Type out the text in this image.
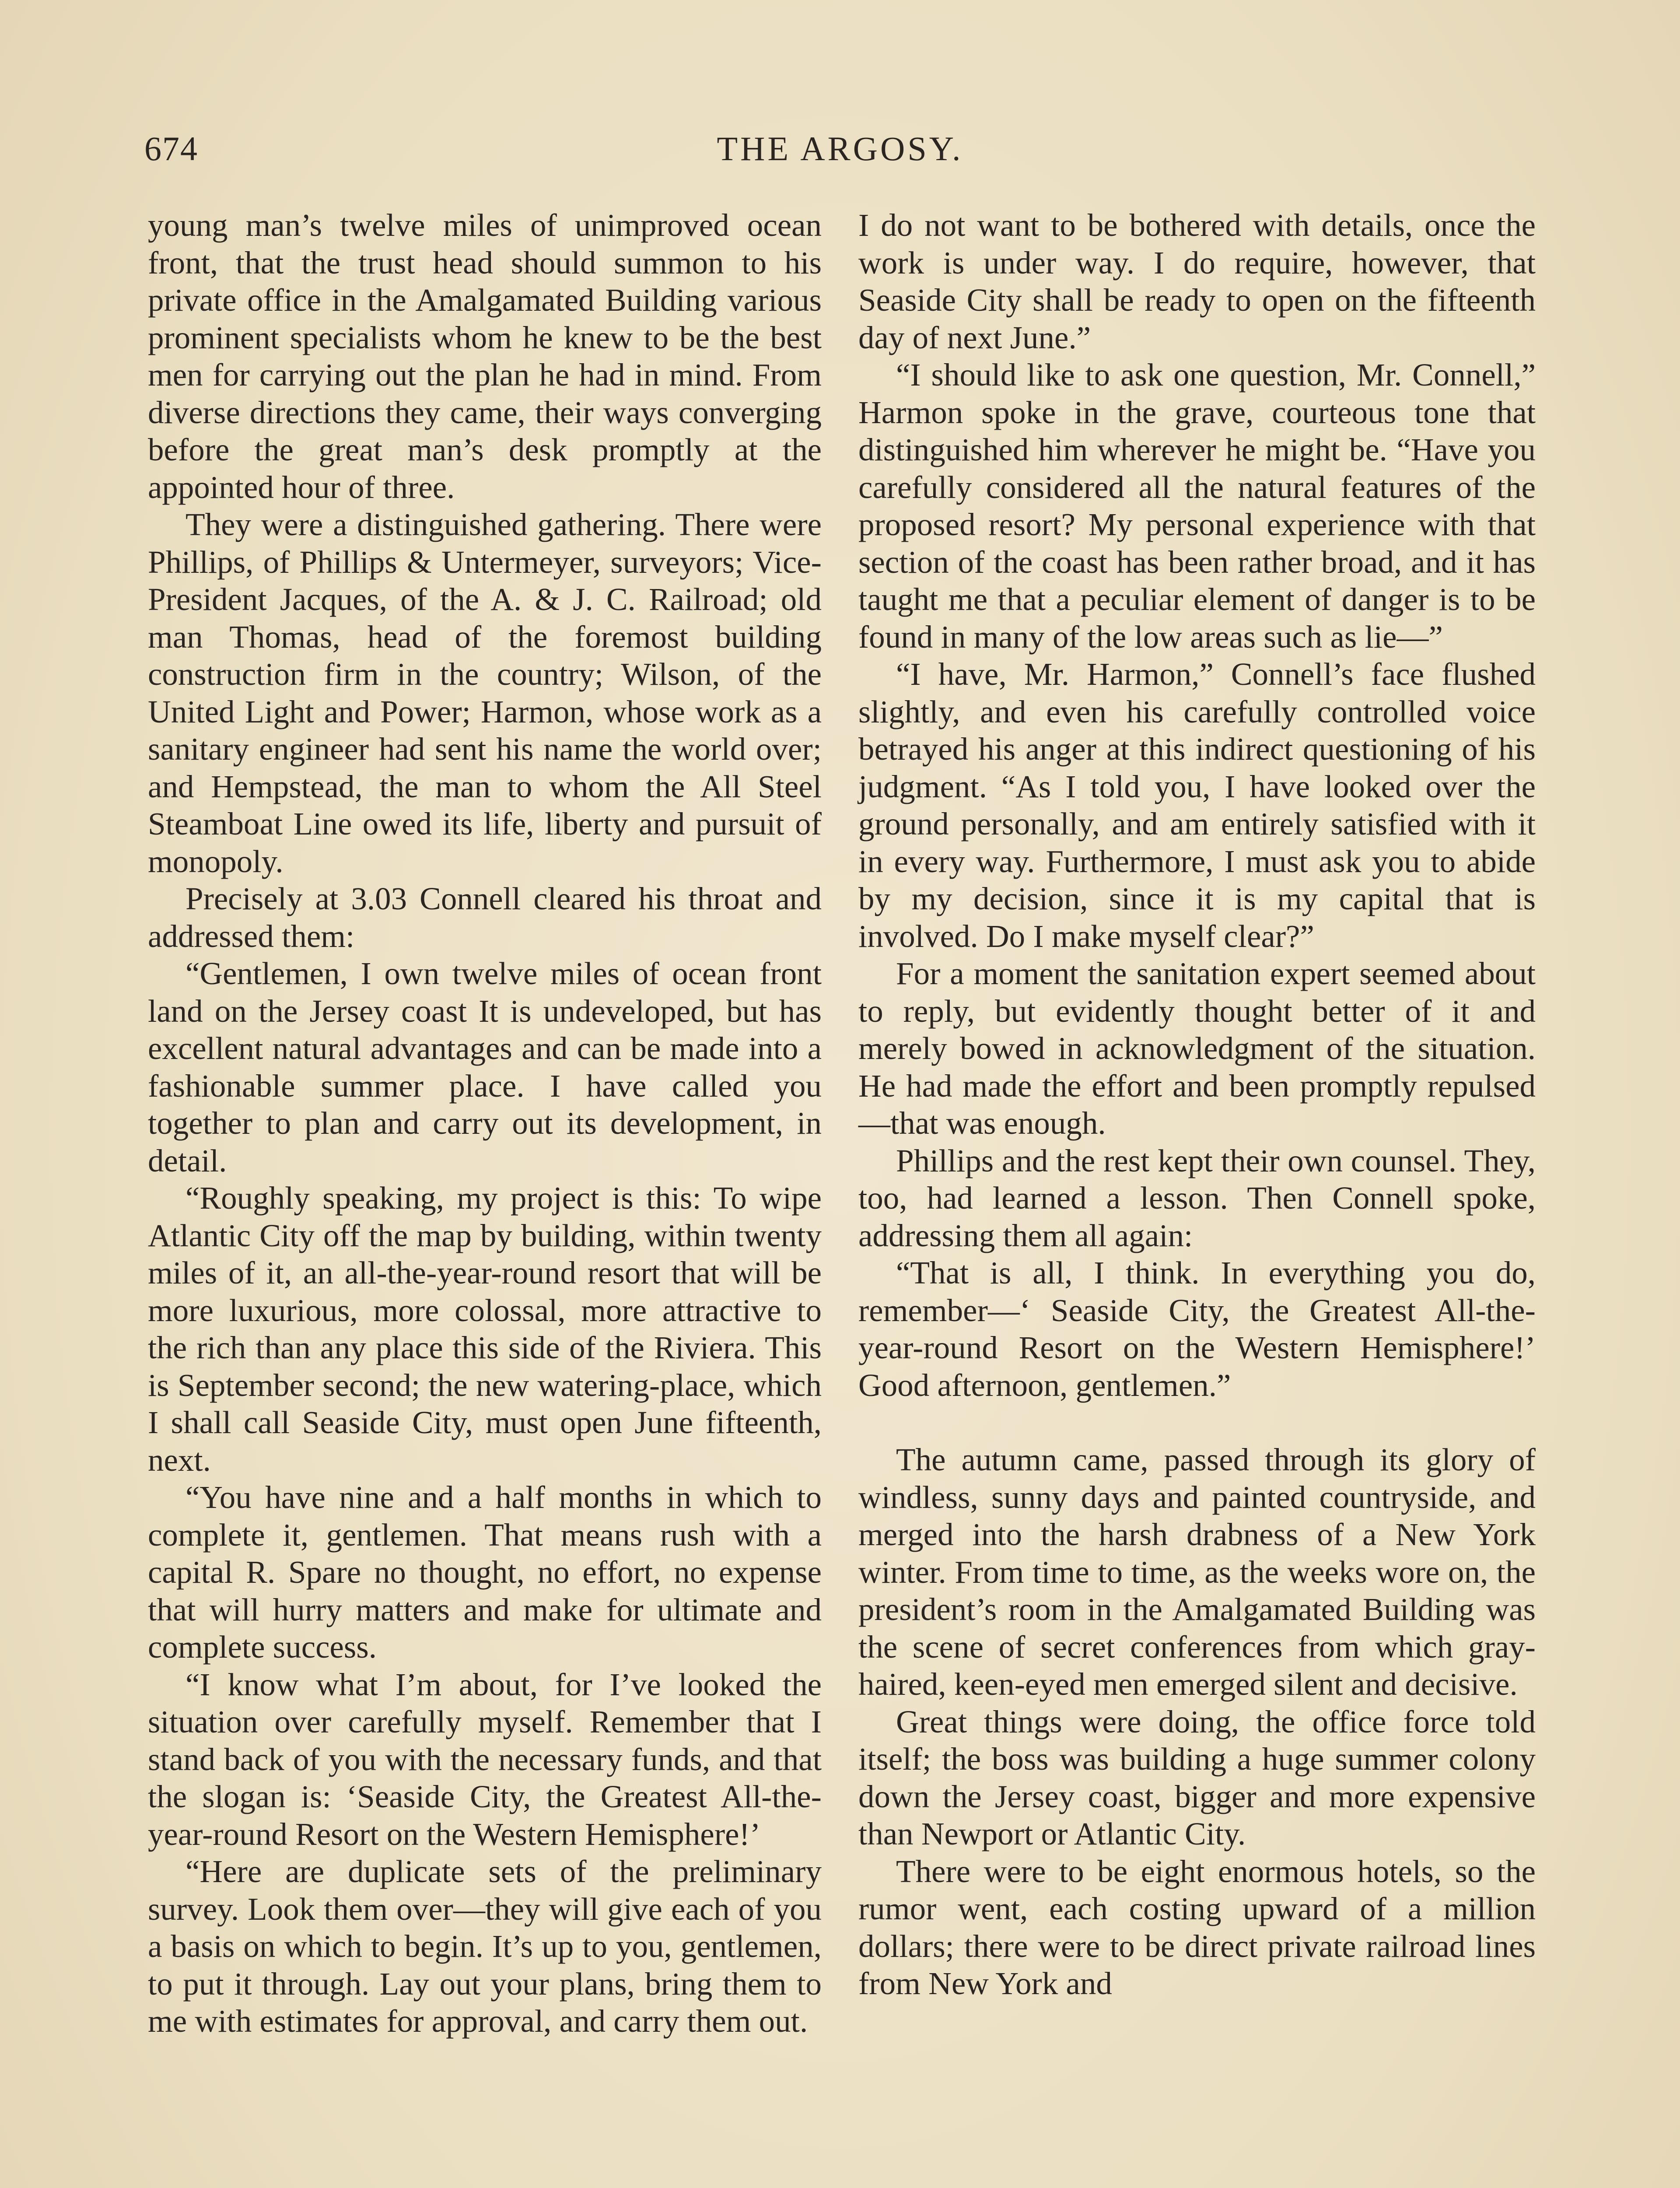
674	THE ARGOSY.

young man’s twelve miles of unimproved ocean front, that the trust head should summon to his private office in the Amalgamated Building various prominent specialists whom he knew to be the best men for carrying out the plan he had in mind. From diverse directions they came, their ways converging before the great man’s desk promptly at the appointed hour of three.

They were a distinguished gathering. There were Phillips, of Phillips & Untermeyer, surveyors; Vice-President Jacques, of the A. & J. C. Railroad; old man Thomas, head of the foremost building construction firm in the country; Wilson, of the United Light and Power; Harmon, whose work as a sanitary engineer had sent his name the world over; and Hempstead, the man to whom the All Steel Steamboat Line owed its life, liberty and pursuit of monopoly.

Precisely at 3.03 Connell cleared his throat and addressed them:

“Gentlemen, I own twelve miles of ocean front land on the Jersey coast It is undeveloped, but has excellent natural advantages and can be made into a fashionable summer place. I have called you together to plan and carry out its development, in detail.

“Roughly speaking, my project is this: To wipe Atlantic City off the map by building, within twenty miles of it, an all-the-year-round resort that will be more luxurious, more colossal, more attractive to the rich than any place this side of the Riviera. This is September second; the new watering-place, which I shall call Seaside City, must open June fifteenth, next.

“You have nine and a half months in which to complete it, gentlemen. That means rush with a capital R. Spare no thought, no effort, no expense that will hurry matters and make for ultimate and complete success.

“I know what I’m about, for I’ve looked the situation over carefully myself. Remember that I stand back of you with the necessary funds, and that the slogan is: ‘Seaside City, the Greatest All-the-year-round Resort on the Western Hemisphere!’

“Here are duplicate sets of the preliminary survey. Look them over—they will give each of you a basis on which to begin. It’s up to you, gentlemen, to put it through. Lay out your plans, bring them to me with estimates for approval, and carry them out.

I do not want to be bothered with details, once the work is under way. I do require, however, that Seaside City shall be ready to open on the fifteenth day of next June.”

“I should like to ask one question, Mr. Connell,” Harmon spoke in the grave, courteous tone that distinguished him wherever he might be. “Have you carefully considered all the natural features of the proposed resort? My personal experience with that section of the coast has been rather broad, and it has taught me that a peculiar element of danger is to be found in many of the low areas such as lie—”

“I have, Mr. Harmon,” Connell’s face flushed slightly, and even his carefully controlled voice betrayed his anger at this indirect questioning of his judgment. “As I told you, I have looked over the ground personally, and am entirely satisfied with it in every way. Furthermore, I must ask you to abide by my decision, since it is my capital that is involved. Do I make myself clear?”

For a moment the sanitation expert seemed about to reply, but evidently thought better of it and merely bowed in acknowledgment of the situation. He had made the effort and been promptly repulsed —that was enough.

Phillips and the rest kept their own counsel. They, too, had learned a lesson. Then Connell spoke, addressing them all again:

“That is all, I think. In everything you do, remember—‘ Seaside City, the Greatest All-the-year-round Resort on the Western Hemisphere!’ Good afternoon, gentlemen.”

The autumn came, passed through its glory of windless, sunny days and painted countryside, and merged into the harsh drabness of a New York winter. From time to time, as the weeks wore on, the president’s room in the Amalgamated Building was the scene of secret conferences from which gray-haired, keen-eyed men emerged silent and decisive.

Great things were doing, the office force told itself; the boss was building a huge summer colony down the Jersey coast, bigger and more expensive than Newport or Atlantic City.

There were to be eight enormous hotels, so the rumor went, each costing upward of a million dollars; there were to be direct private railroad lines from New York and
